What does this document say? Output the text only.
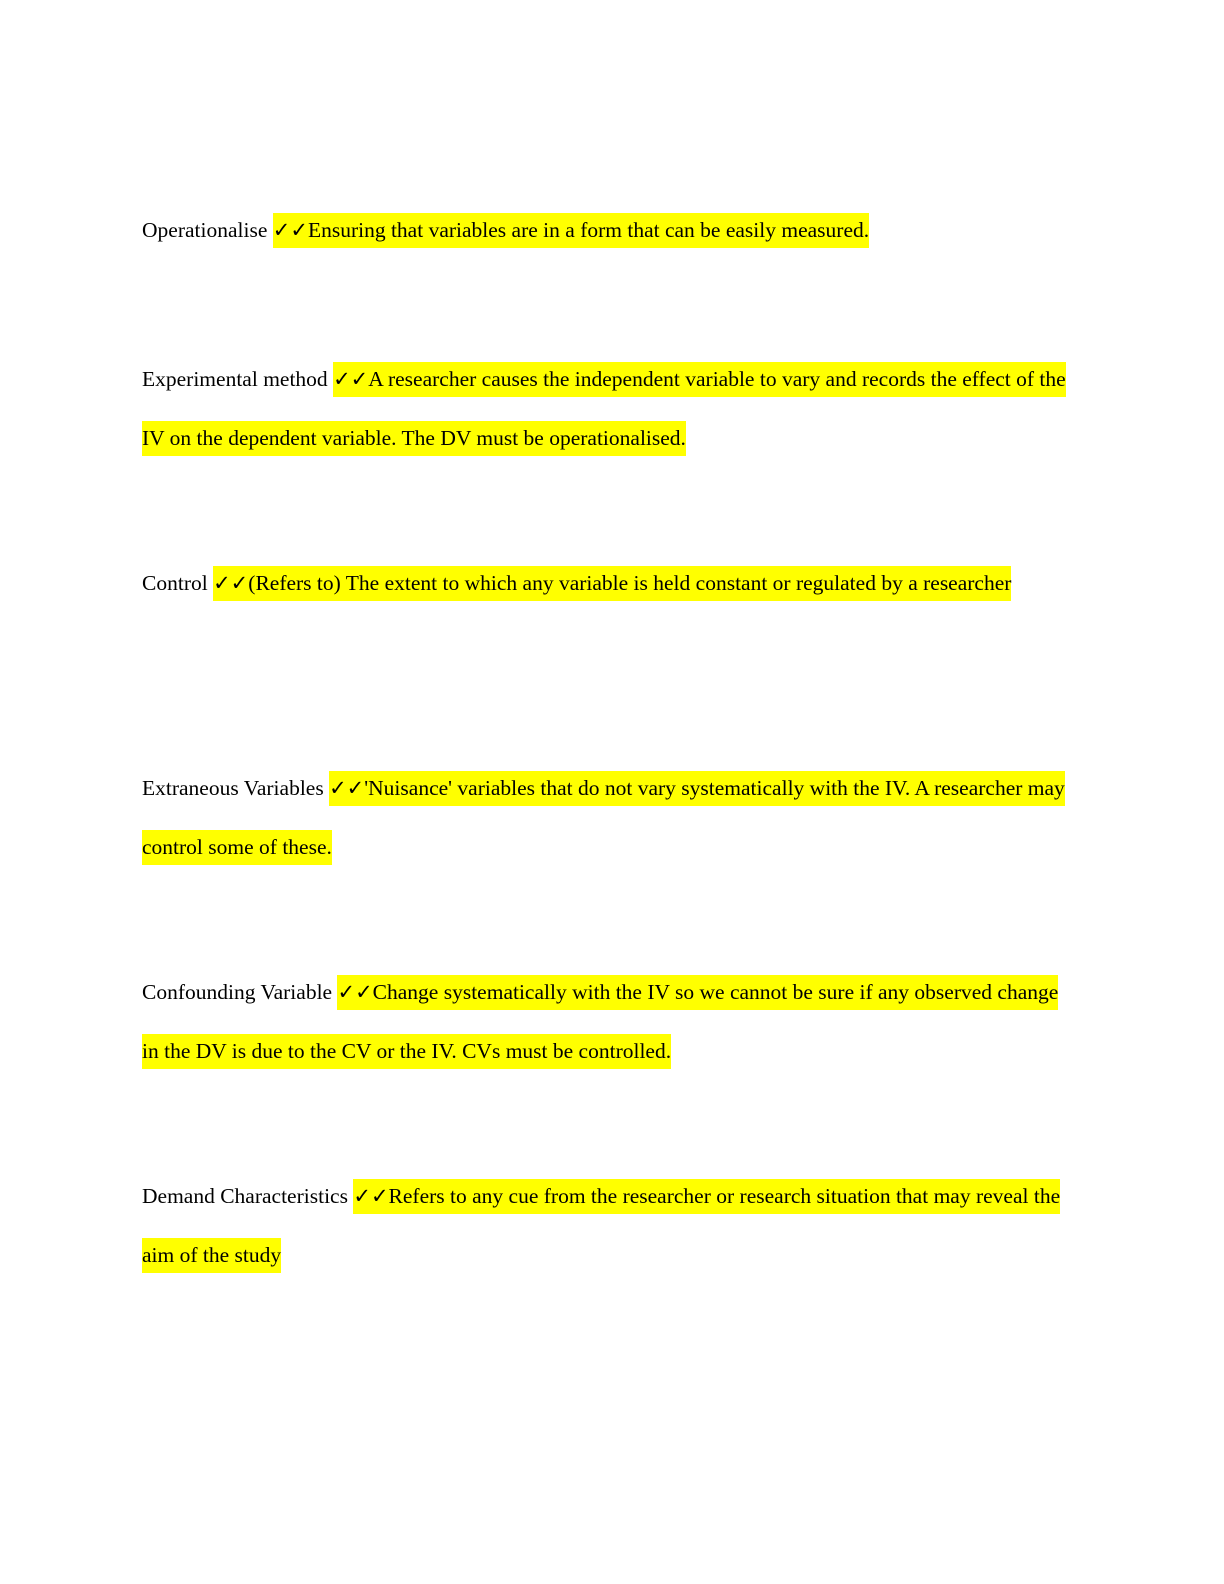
Operationalise ✓✓Ensuring that variables are in a form that can be easily measured.

Experimental method ✓✓A researcher causes the independent variable to vary and records the effect of the IV on the dependent variable. The DV must be operationalised.

Control ✓✓(Refers to) The extent to which any variable is held constant or regulated by a researcher

Extraneous Variables ✓✓'Nuisance' variables that do not vary systematically with the IV. A researcher may control some of these.

Confounding Variable ✓✓Change systematically with the IV so we cannot be sure if any observed change in the DV is due to the CV or the IV. CVs must be controlled.

Demand Characteristics ✓✓Refers to any cue from the researcher or research situation that may reveal the aim of the study
